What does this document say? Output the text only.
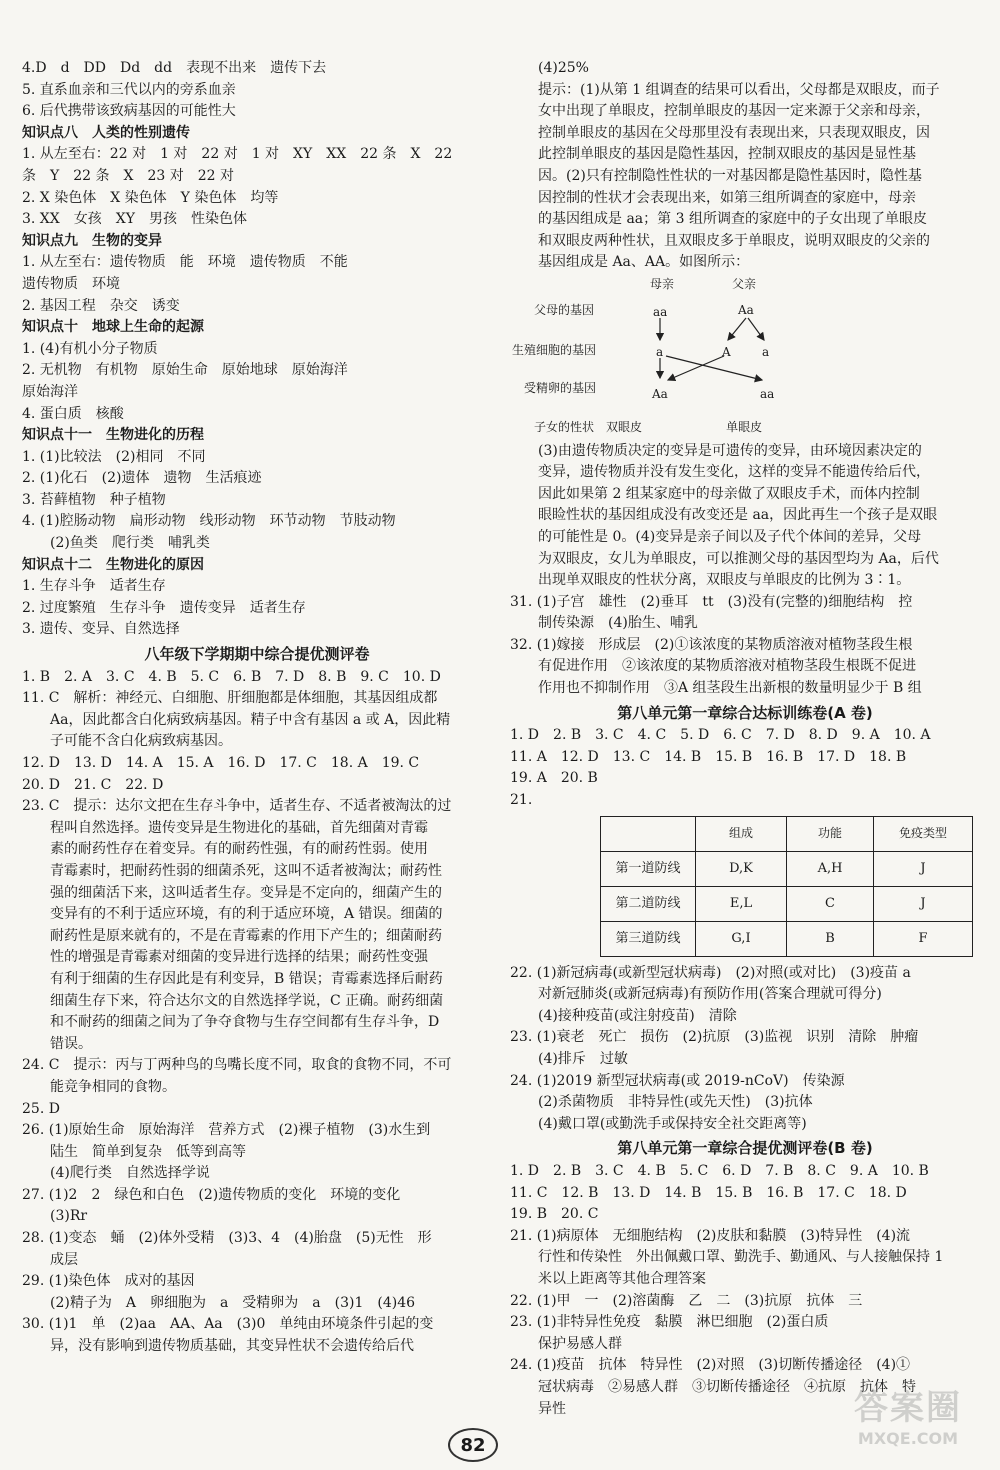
4.D　d　DD　Dd　dd　表现不出来　遗传下去
5. 直系血亲和三代以内的旁系血亲
6. 后代携带该致病基因的可能性大
知识点八　人类的性别遗传
1. 从左至右：22 对　1 对　22 对　1 对　XY　XX　22 条　X　22
条　Y　22 条　X　23 对　22 对
2. X 染色体　X 染色体　Y 染色体　均等
3. XX　女孩　XY　男孩　性染色体
知识点九　生物的变异
1. 从左至右：遗传物质　能　环境　遗传物质　不能
遗传物质　环境
2. 基因工程　杂交　诱变
知识点十　地球上生命的起源
1. (4)有机小分子物质
2. 无机物　有机物　原始生命　原始地球　原始海洋
原始海洋
4. 蛋白质　核酸
知识点十一　生物进化的历程
1. (1)比较法　(2)相同　不同
2. (1)化石　(2)遗体　遗物　生活痕迹
3. 苔藓植物　种子植物
4. (1)腔肠动物　扁形动物　线形动物　环节动物　节肢动物
(2)鱼类　爬行类　哺乳类
知识点十二　生物进化的原因
1. 生存斗争　适者生存
2. 过度繁殖　生存斗争　遗传变异　适者生存
3. 遗传、变异、自然选择
八年级下学期期中综合提优测评卷
1. B　2. A　3. C　4. B　5. C　6. B　7. D　8. B　9. C　10. D
11. C　解析：神经元、白细胞、肝细胞都是体细胞，其基因组成都
Aa，因此都含白化病致病基因。精子中含有基因 a 或 A，因此精
子可能不含白化病致病基因。
12. D　13. D　14. A　15. A　16. D　17. C　18. A　19. C
20. D　21. C　22. D
23. C　提示：达尔文把在生存斗争中，适者生存、不适者被淘汰的过
程叫自然选择。遗传变异是生物进化的基础，首先细菌对青霉
素的耐药性存在着变异。有的耐药性强，有的耐药性弱。使用
青霉素时，把耐药性弱的细菌杀死，这叫不适者被淘汰；耐药性
强的细菌活下来，这叫适者生存。变异是不定向的，细菌产生的
变异有的不利于适应环境，有的利于适应环境，A 错误。细菌的
耐药性是原来就有的，不是在青霉素的作用下产生的；细菌耐药
性的增强是青霉素对细菌的变异进行选择的结果；耐药性变强
有利于细菌的生存因此是有利变异，B 错误；青霉素选择后耐药
细菌生存下来，符合达尔文的自然选择学说，C 正确。耐药细菌
和不耐药的细菌之间为了争夺食物与生存空间都有生存斗争，D
错误。
24. C　提示：丙与丁两种鸟的鸟嘴长度不同，取食的食物不同，不可
能竞争相同的食物。
25. D
26. (1)原始生命　原始海洋　营养方式　(2)裸子植物　(3)水生到
陆生　简单到复杂　低等到高等
(4)爬行类　自然选择学说
27. (1)2　2　绿色和白色　(2)遗传物质的变化　环境的变化
(3)Rr
28. (1)变态　蛹　(2)体外受精　(3)3、4　(4)胎盘　(5)无性　形
成层
29. (1)染色体　成对的基因
(2)精子为　A　卵细胞为　a　受精卵为　a　(3)1　(4)46
30. (1)1　单　(2)aa　AA、Aa　(3)0　单纯由环境条件引起的变
异，没有影响到遗传物质基础，其变异性状不会遗传给后代
(4)25%
提示：(1)从第 1 组调查的结果可以看出，父母都是双眼皮，而子
女中出现了单眼皮，控制单眼皮的基因一定来源于父亲和母亲，
控制单眼皮的基因在父母那里没有表现出来，只表现双眼皮，因
此控制单眼皮的基因是隐性基因，控制双眼皮的基因是显性基
因。(2)只有控制隐性性状的一对基因都是隐性基因时，隐性基
因控制的性状才会表现出来，如第三组所调查的家庭中，母亲
的基因组成是 aa；第 3 组所调查的家庭中的子女出现了单眼皮
和双眼皮两种性状，且双眼皮多于单眼皮，说明双眼皮的父亲的
基因组成是 Aa、AA。如图所示：
母亲	父亲
父母的基因
生殖细胞的基因
受精卵的基因
aa	Aa
a	A	a
Aa	aa
子女的性状　 双眼皮　　　　　　　	单眼皮
(3)由遗传物质决定的变异是可遗传的变异，由环境因素决定的
变异，遗传物质并没有发生变化，这样的变异不能遗传给后代，
因此如果第 2 组某家庭中的母亲做了双眼皮手术，而体内控制
眼睑性状的基因组成没有改变还是 aa，因此再生一个孩子是双眼
的可能性是 0。(4)变异是亲子间以及子代个体间的差异，父母
为双眼皮，女儿为单眼皮，可以推测父母的基因型均为 Aa，后代
出现单双眼皮的性状分离，双眼皮与单眼皮的比例为 3∶1。
31. (1)子宫　雄性　(2)垂耳　tt　(3)没有(完整的)细胞结构　控
制传染源　(4)胎生、哺乳
32. (1)嫁接　形成层　(2)①该浓度的某物质溶液对植物茎段生根
有促进作用　②该浓度的某物质溶液对植物茎段生根既不促进
作用也不抑制作用　③A 组茎段生出新根的数量明显少于 B 组
第八单元第一章综合达标训练卷(A 卷)
1. D　2. B　3. C　4. C　5. D　6. C　7. D　8. D　9. A　10. A
11. A　12. D　13. C　14. B　15. B　16. B　17. D　18. B
19. A　20. B
21.
	组成	功能	免疫类型
第一道防线	D,K	A,H	J
第二道防线	E,L	C	J
第三道防线	G,I	B	F
22. (1)新冠病毒(或新型冠状病毒)　(2)对照(或对比)　(3)疫苗 a
对新冠肺炎(或新冠病毒)有预防作用(答案合理就可得分)
(4)接种疫苗(或注射疫苗)　清除
23. (1)衰老　死亡　损伤　(2)抗原　(3)监视　识别　清除　肿瘤
(4)排斥　过敏
24. (1)2019 新型冠状病毒(或 2019-nCoV)　传染源
(2)杀菌物质　非特异性(或先天性)　(3)抗体
(4)戴口罩(或勤洗手或保持安全社交距离等)
第八单元第一章综合提优测评卷(B 卷)
1. D　2. B　3. C　4. B　5. C　6. D　7. B　8. C　9. A　10. B
11. C　12. B　13. D　14. B　15. B　16. B　17. C　18. D
19. B　20. C
21. (1)病原体　无细胞结构　(2)皮肤和黏膜　(3)特异性　(4)流
行性和传染性　外出佩戴口罩、勤洗手、勤通风、与人接触保持 1
米以上距离等其他合理答案
22. (1)甲　一　(2)溶菌酶　乙　二　(3)抗原　抗体　三
23. (1)非特异性免疫　黏膜　淋巴细胞　(2)蛋白质
保护易感人群
24. (1)疫苗　抗体　特异性　(2)对照　(3)切断传播途径　(4)①
冠状病毒　②易感人群　③切断传播途径　④抗原　抗体　特
异性
82
答案圈
MXQE.COM
